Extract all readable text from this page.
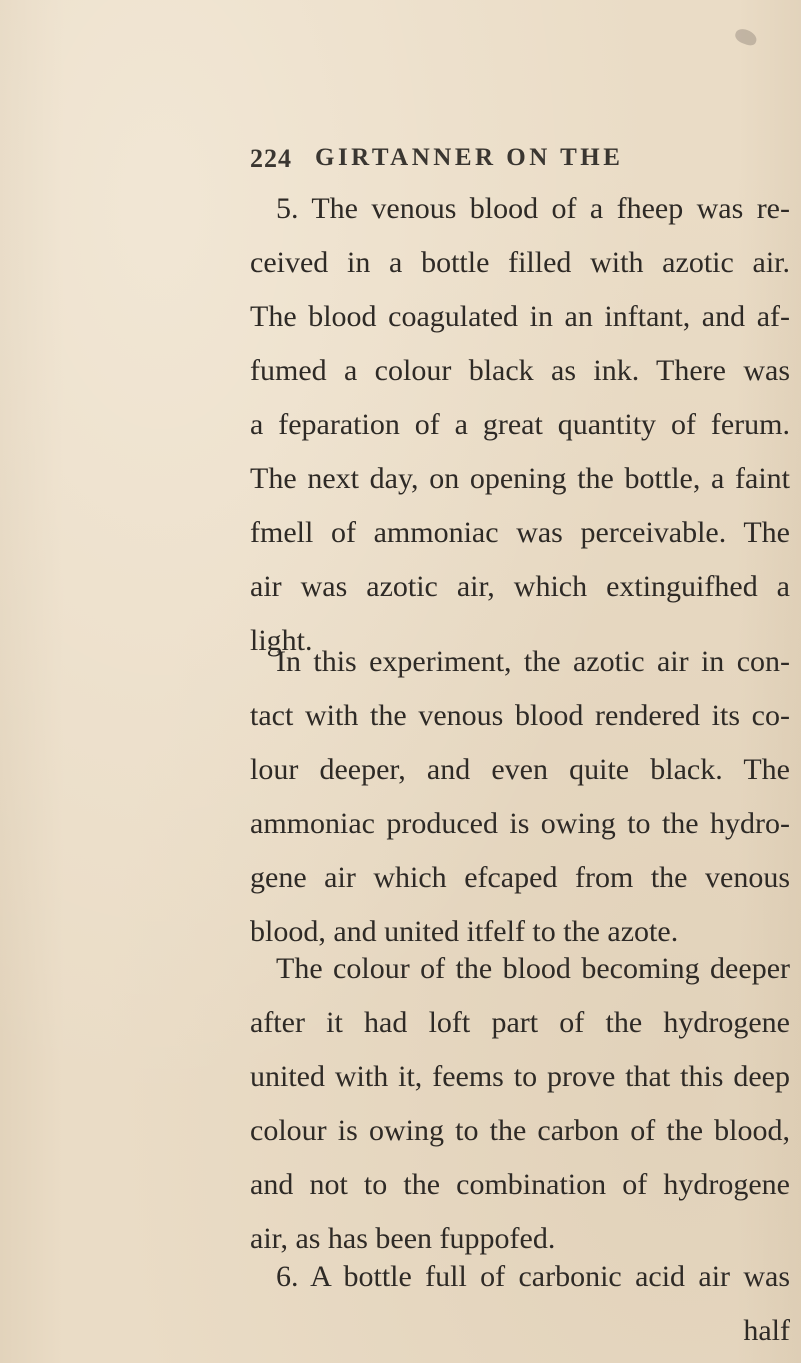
224 GIRTANNER ON THE
5. The venous blood of a fheep was re-
ceived in a bottle filled with azotic air.
The blood coagulated in an inftant, and af-
fumed a colour black as ink. There was
a feparation of a great quantity of ferum.
The next day, on opening the bottle, a faint
fmell of ammoniac was perceivable. The
air was azotic air, which extinguifhed a
light.
In this experiment, the azotic air in con-
tact with the venous blood rendered its co-
lour deeper, and even quite black. The
ammoniac produced is owing to the hydro-
gene air which efcaped from the venous
blood, and united itfelf to the azote.
The colour of the blood becoming deeper
after it had loft part of the hydrogene
united with it, feems to prove that this deep
colour is owing to the carbon of the blood,
and not to the combination of hydrogene
air, as has been fuppofed.
6. A bottle full of carbonic acid air was
half
